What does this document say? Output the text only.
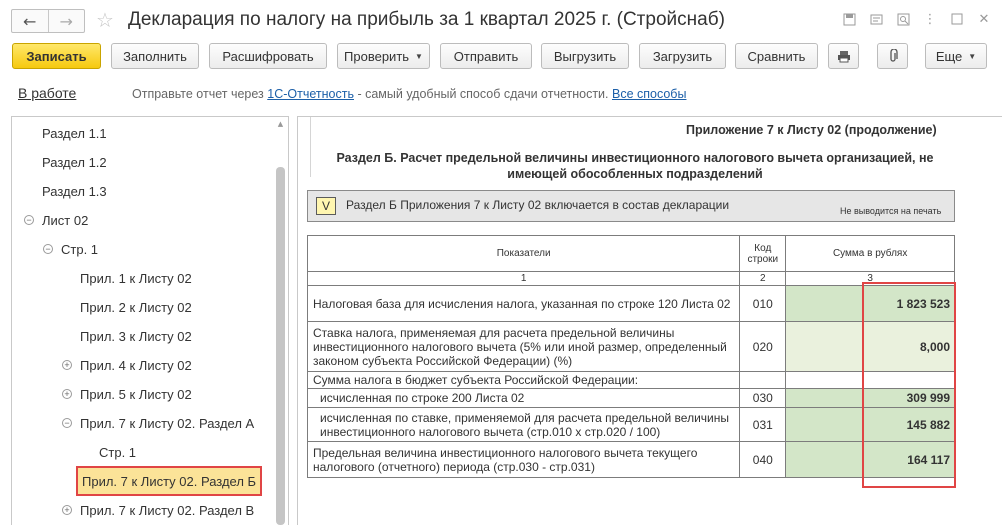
←	→	☆ Декларация по налогу на прибыль за 1 квартал 2025 г. (Стройснаб)	⋮	✕
Записать	Заполнить	Расшифровать	Проверить ▼	Отправить	Выгрузить	Загрузить	Сравнить	Еще ▼
В работе	Отправьте отчет через 1С-Отчетность - самый удобный способ сдачи отчетности. Все способы
Раздел 1.1
Раздел 1.2
Раздел 1.3
− Лист 02
− Стр. 1
Прил. 1 к Листу 02
Прил. 2 к Листу 02
Прил. 3 к Листу 02
+ Прил. 4 к Листу 02
+ Прил. 5 к Листу 02
− Прил. 7 к Листу 02. Раздел А
Стр. 1
Прил. 7 к Листу 02. Раздел Б
+ Прил. 7 к Листу 02. Раздел В
▲	Приложение 7 к Листу 02 (продолжение)
Раздел Б. Расчет предельной величины инвестиционного налогового вычета организацией, не имеющей обособленных подразделений
V	Раздел Б Приложения 7 к Листу 02 включается в состав декларации	Не выводится на печать
Показатели	Код строки	Сумма в рублях
1	2	3
Налоговая база для исчисления налога, указанная по строке 120 Листа 02	010	1 823 523
Ставка налога, применяемая для расчета предельной величины инвестиционного налогового вычета (5% или иной размер, определенный законом субъекта Российской Федерации) (%)	020	8,000
Сумма налога в бюджет субъекта Российской Федерации:		
исчисленная по строке 200 Листа 02	030	309 999
исчисленная по ставке, применяемой для расчета предельной величины инвестиционного налогового вычета (стр.010 х стр.020 / 100)	031	145 882
Предельная величина инвестиционного налогового вычета текущего налогового (отчетного) периода (стр.030 - стр.031)	040	164 117
